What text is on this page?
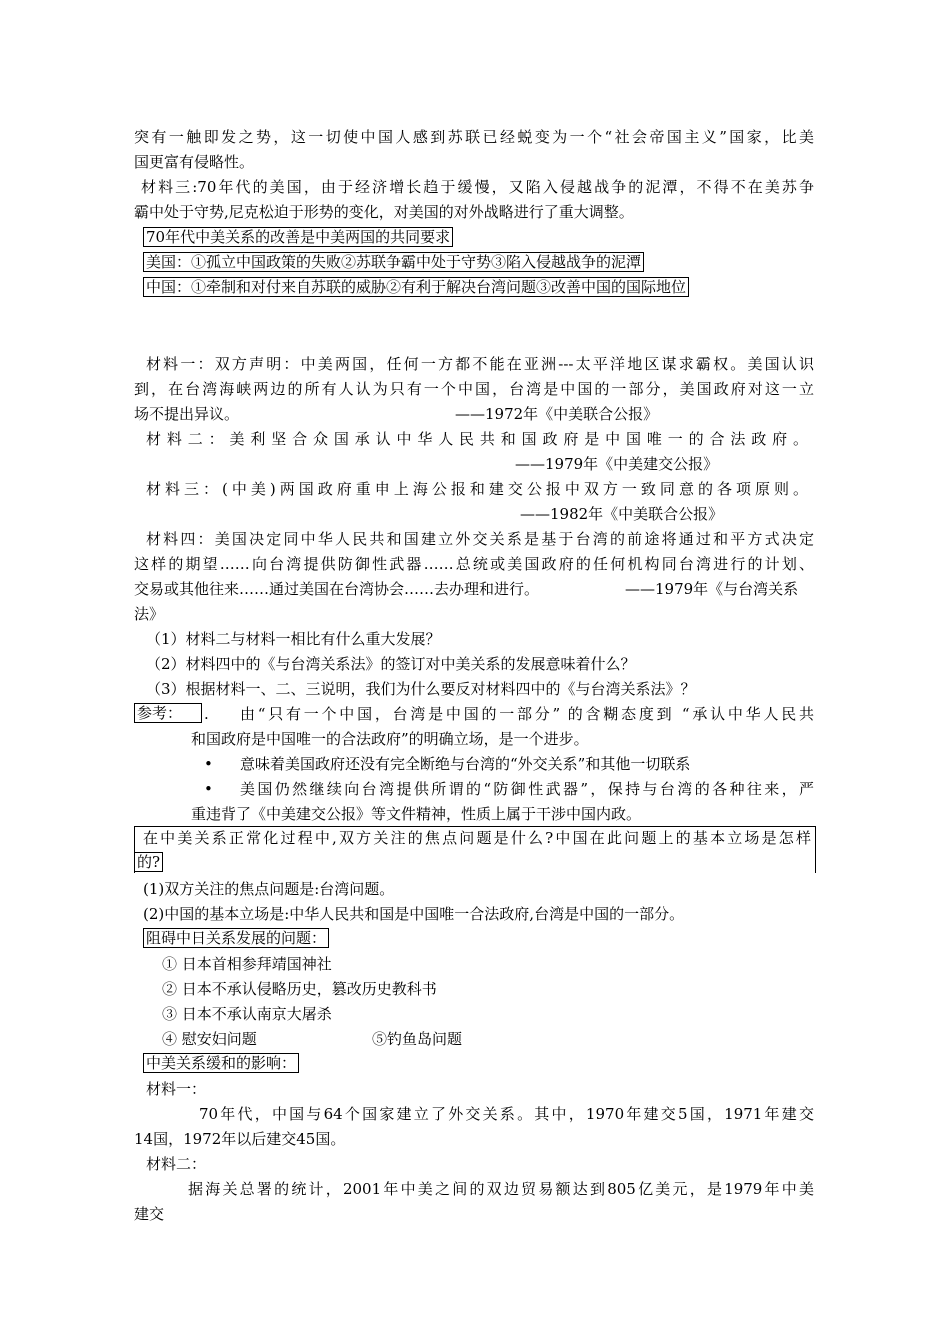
突有一触即发之势，这一切使中国人感到苏联已经蜕变为一个“社会帝国主义”国家，比美
国更富有侵略性。
材料三:70年代的美国，由于经济增长趋于缓慢，又陷入侵越战争的泥潭，不得不在美苏争
霸中处于守势,尼克松迫于形势的变化，对美国的对外战略进行了重大调整。
70年代中美关系的改善是中美两国的共同要求
美国：①孤立中国政策的失败②苏联争霸中处于守势③陷入侵越战争的泥潭
中国：①牵制和对付来自苏联的威胁②有利于解决台湾问题③改善中国的国际地位
材料一：双方声明：中美两国，任何一方都不能在亚洲---太平洋地区谋求霸权。美国认识
到，在台湾海峡两边的所有人认为只有一个中国，台湾是中国的一部分，美国政府对这一立
场不提出异议。	——1972年《中美联合公报》
材料二：美利坚合众国承认中华人民共和国政府是中国唯一的合法政府。
——1979年《中美建交公报》
材料三：(中美)两国政府重申上海公报和建交公报中双方一致同意的各项原则。
——1982年《中美联合公报》
材料四：美国决定同中华人民共和国建立外交关系是基于台湾的前途将通过和平方式决定
这样的期望……向台湾提供防御性武器……总统或美国政府的任何机构同台湾进行的计划、
交易或其他往来……通过美国在台湾协会……去办理和进行。	——1979年《与台湾关系
法》
（1）材料二与材料一相比有什么重大发展？
（2）材料四中的《与台湾关系法》的签订对中美关系的发展意味着什么？
（3）根据材料一、二、三说明，我们为什么要反对材料四中的《与台湾关系法》？
参考：	. 由“只有一个中国，台湾是中国的一部分” 的含糊态度到 “承认中华人民共
和国政府是中国唯一的合法政府”的明确立场，是一个进步。
• 意味着美国政府还没有完全断绝与台湾的“外交关系”和其他一切联系
• 美国仍然继续向台湾提供所谓的“防御性武器”，保持与台湾的各种往来，严
重违背了《中美建交公报》等文件精神，性质上属于干涉中国内政。
在中美关系正常化过程中,双方关注的焦点问题是什么?中国在此问题上的基本立场是怎样
的?
(1)双方关注的焦点问题是:台湾问题。
(2)中国的基本立场是:中华人民共和国是中国唯一合法政府,台湾是中国的一部分。
阻碍中日关系发展的问题：
① 日本首相参拜靖国神社
② 日本不承认侵略历史，篡改历史教科书
③ 日本不承认南京大屠杀
④ 慰安妇问题	⑤钓鱼岛问题
中美关系缓和的影响：
材料一：
70年代，中国与64个国家建立了外交关系。其中，1970年建交5国，1971年建交
14国，1972年以后建交45国。
材料二：
据海关总署的统计，2001年中美之间的双边贸易额达到805亿美元，是1979年中美
建交
